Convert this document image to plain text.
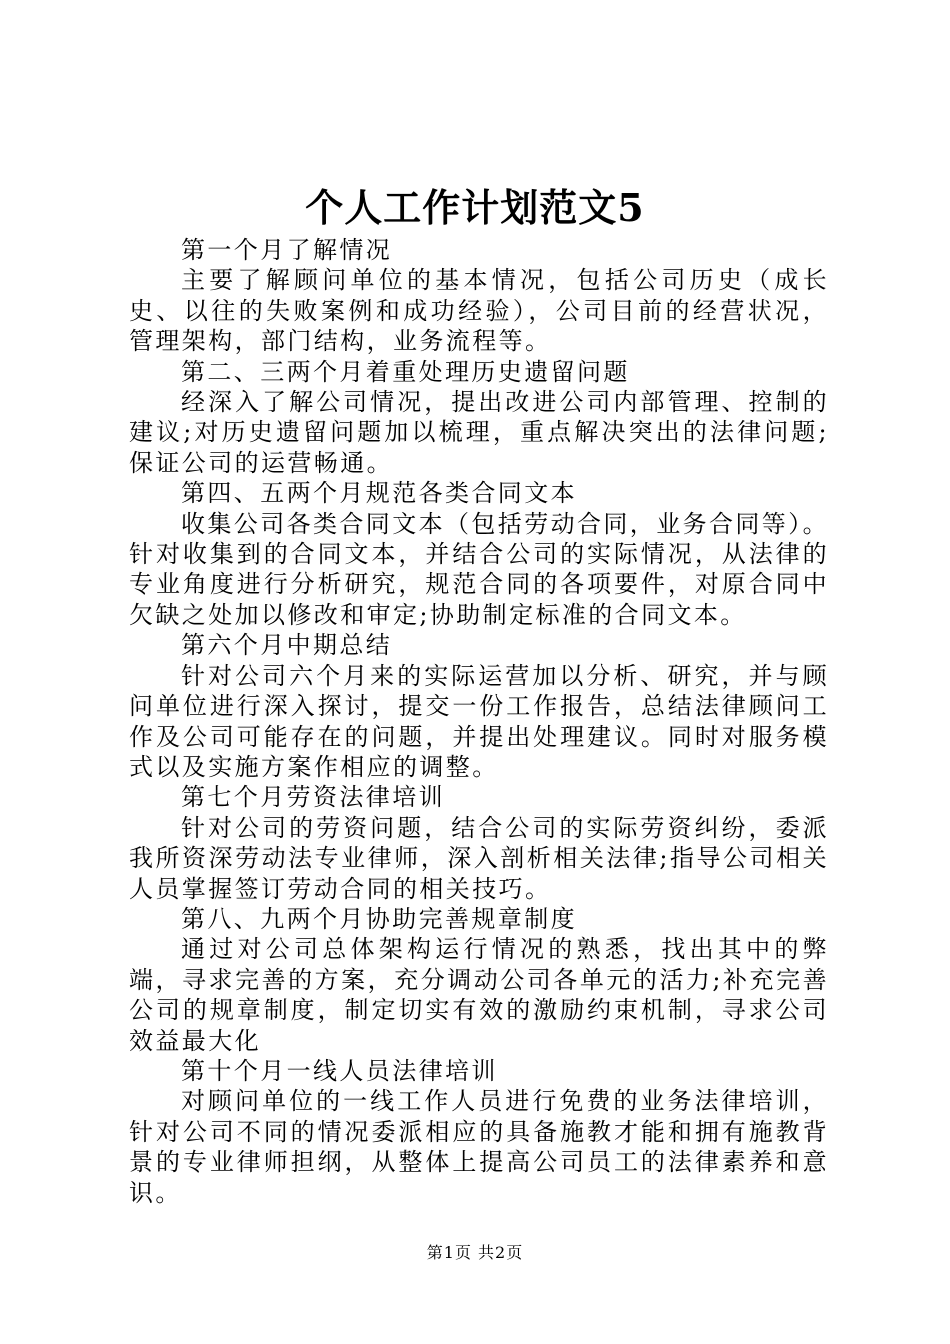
个人工作计划范文5

第一个月了解情况

主要了解顾问单位的基本情况，包括公司历史（成长史、以往的失败案例和成功经验），公司目前的经营状况，管理架构，部门结构，业务流程等。

第二、三两个月着重处理历史遗留问题

经深入了解公司情况，提出改进公司内部管理、控制的建议;对历史遗留问题加以梳理，重点解决突出的法律问题;保证公司的运营畅通。

第四、五两个月规范各类合同文本

收集公司各类合同文本（包括劳动合同，业务合同等）。针对收集到的合同文本，并结合公司的实际情况，从法律的专业角度进行分析研究，规范合同的各项要件，对原合同中欠缺之处加以修改和审定;协助制定标准的合同文本。

第六个月中期总结

针对公司六个月来的实际运营加以分析、研究，并与顾问单位进行深入探讨，提交一份工作报告，总结法律顾问工作及公司可能存在的问题，并提出处理建议。同时对服务模式以及实施方案作相应的调整。

第七个月劳资法律培训

针对公司的劳资问题，结合公司的实际劳资纠纷，委派我所资深劳动法专业律师，深入剖析相关法律;指导公司相关人员掌握签订劳动合同的相关技巧。

第八、九两个月协助完善规章制度

通过对公司总体架构运行情况的熟悉，找出其中的弊端，寻求完善的方案，充分调动公司各单元的活力;补充完善公司的规章制度，制定切实有效的激励约束机制，寻求公司效益最大化

第十个月一线人员法律培训

对顾问单位的一线工作人员进行免费的业务法律培训，针对公司不同的情况委派相应的具备施教才能和拥有施教背景的专业律师担纲，从整体上提高公司员工的法律素养和意识。

第1页 共2页
